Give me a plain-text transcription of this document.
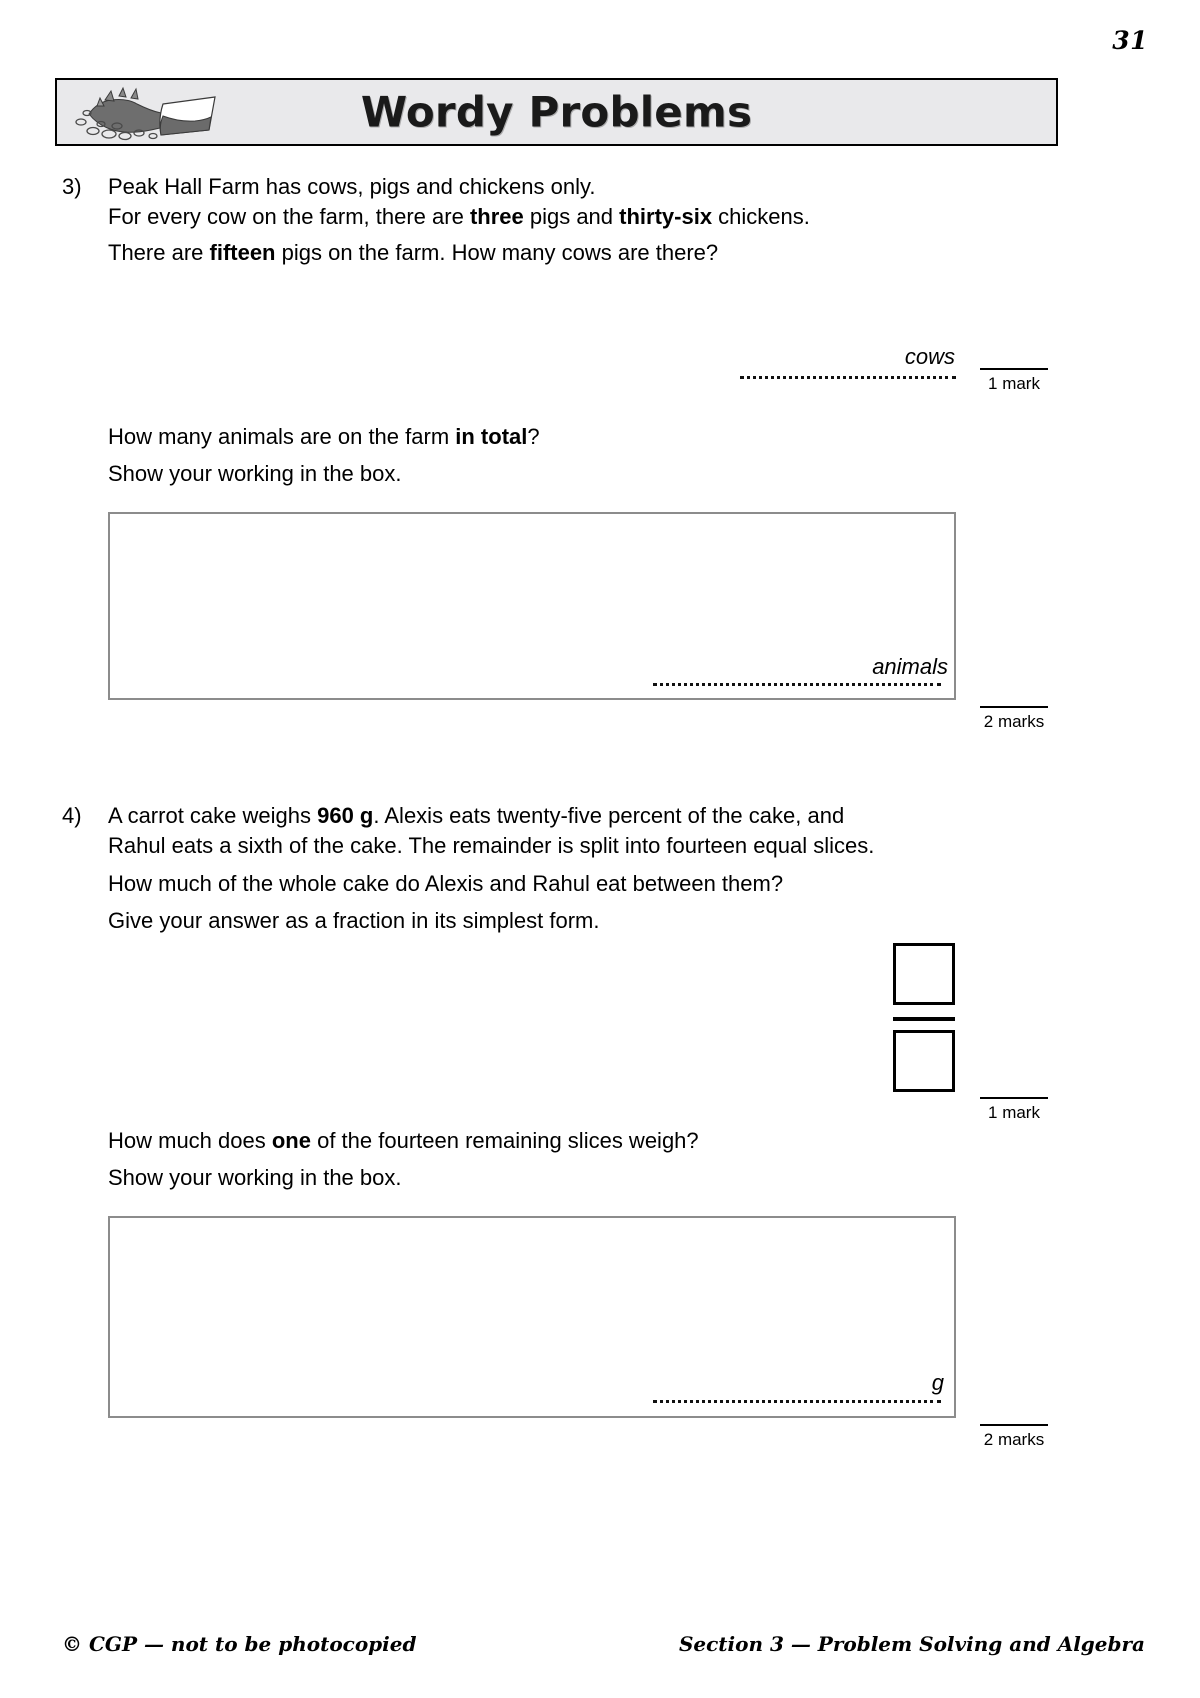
31
Wordy Problems
3) Peak Hall Farm has cows, pigs and chickens only.
For every cow on the farm, there are three pigs and thirty-six chickens.
There are fifteen pigs on the farm. How many cows are there?
cows
1 mark
How many animals are on the farm in total?
Show your working in the box.
animals
2 marks
4) A carrot cake weighs 960 g. Alexis eats twenty-five percent of the cake, and
Rahul eats a sixth of the cake. The remainder is split into fourteen equal slices.
How much of the whole cake do Alexis and Rahul eat between them?
Give your answer as a fraction in its simplest form.
1 mark
How much does one of the fourteen remaining slices weigh?
Show your working in the box.
g
2 marks
© CGP — not to be photocopied	Section 3 — Problem Solving and Algebra
